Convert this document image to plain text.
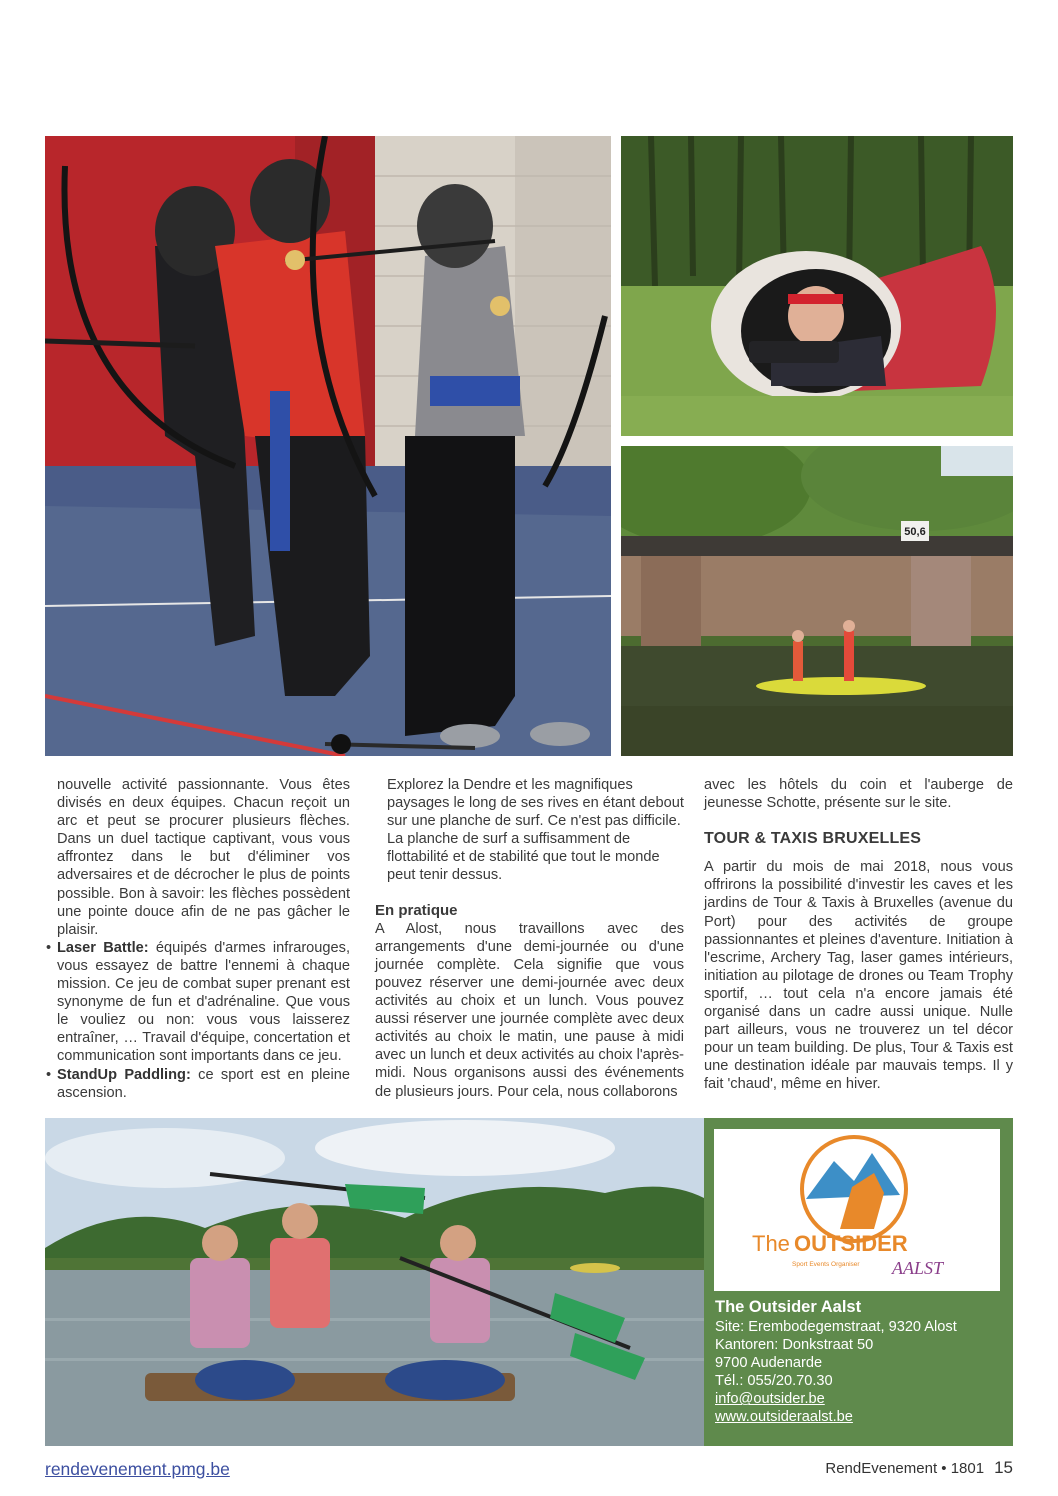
50,6

nouvelle activité passionnante. Vous êtes divisés en deux équipes. Chacun reçoit un arc et peut se procurer plusieurs flèches. Dans un duel tactique captivant, vous vous affrontez dans le but d'éliminer vos adversaires et de décrocher le plus de points possible. Bon à savoir: les flèches possèdent une pointe douce afin de ne pas gâcher le plaisir.

• Laser Battle: équipés d'armes infrarouges, vous essayez de battre l'ennemi à chaque mission. Ce jeu de combat super prenant est synonyme de fun et d'adrénaline. Que vous le vouliez ou non: vous vous laisserez entraîner, … Travail d'équipe, concertation et communication sont importants dans ce jeu.

• StandUp Paddling: ce sport est en pleine ascension.

Explorez la Dendre et les magnifiques paysages le long de ses rives en étant debout sur une planche de surf. Ce n'est pas difficile. La planche de surf a suffisamment de flottabilité et de stabilité que tout le monde peut tenir dessus.

En pratique

A Alost, nous travaillons avec des arrangements d'une demi-journée ou d'une journée complète. Cela signifie que vous pouvez réserver une demi-journée avec deux activités au choix et un lunch. Vous pouvez aussi réserver une journée complète avec deux activités au choix le matin, une pause à midi avec un lunch et deux activités au choix l'après-midi. Nous organisons aussi des événements de plusieurs jours. Pour cela, nous collaborons

avec les hôtels du coin et l'auberge de jeunesse Schotte, présente sur le site.

TOUR & TAXIS BRUXELLES

A partir du mois de mai 2018, nous vous offrirons la possibilité d'investir les caves et les jardins de Tour & Taxis à Bruxelles (avenue du Port) pour des activités de groupe passionnantes et pleines d'aventure. Initiation à l'escrime, Archery Tag, laser games intérieurs, initiation au pilotage de drones ou Team Trophy sportif, … tout cela n'a encore jamais été organisé dans un cadre aussi unique. Nulle part ailleurs, vous ne trouverez un tel décor pour un team building. De plus, Tour & Taxis est une destination idéale par mauvais temps. Il y fait 'chaud', même en hiver.

The OUTSIDER
Sport Events Organiser AALST
The Outsider Aalst
Site: Erembodegemstraat, 9320 Alost
Kantoren: Donkstraat 50
9700 Audenarde
Tél.: 055/20.70.30
info@outsider.be
www.outsideraalst.be
rendevenement.pmg.be	RendEvenement • 1801 15
